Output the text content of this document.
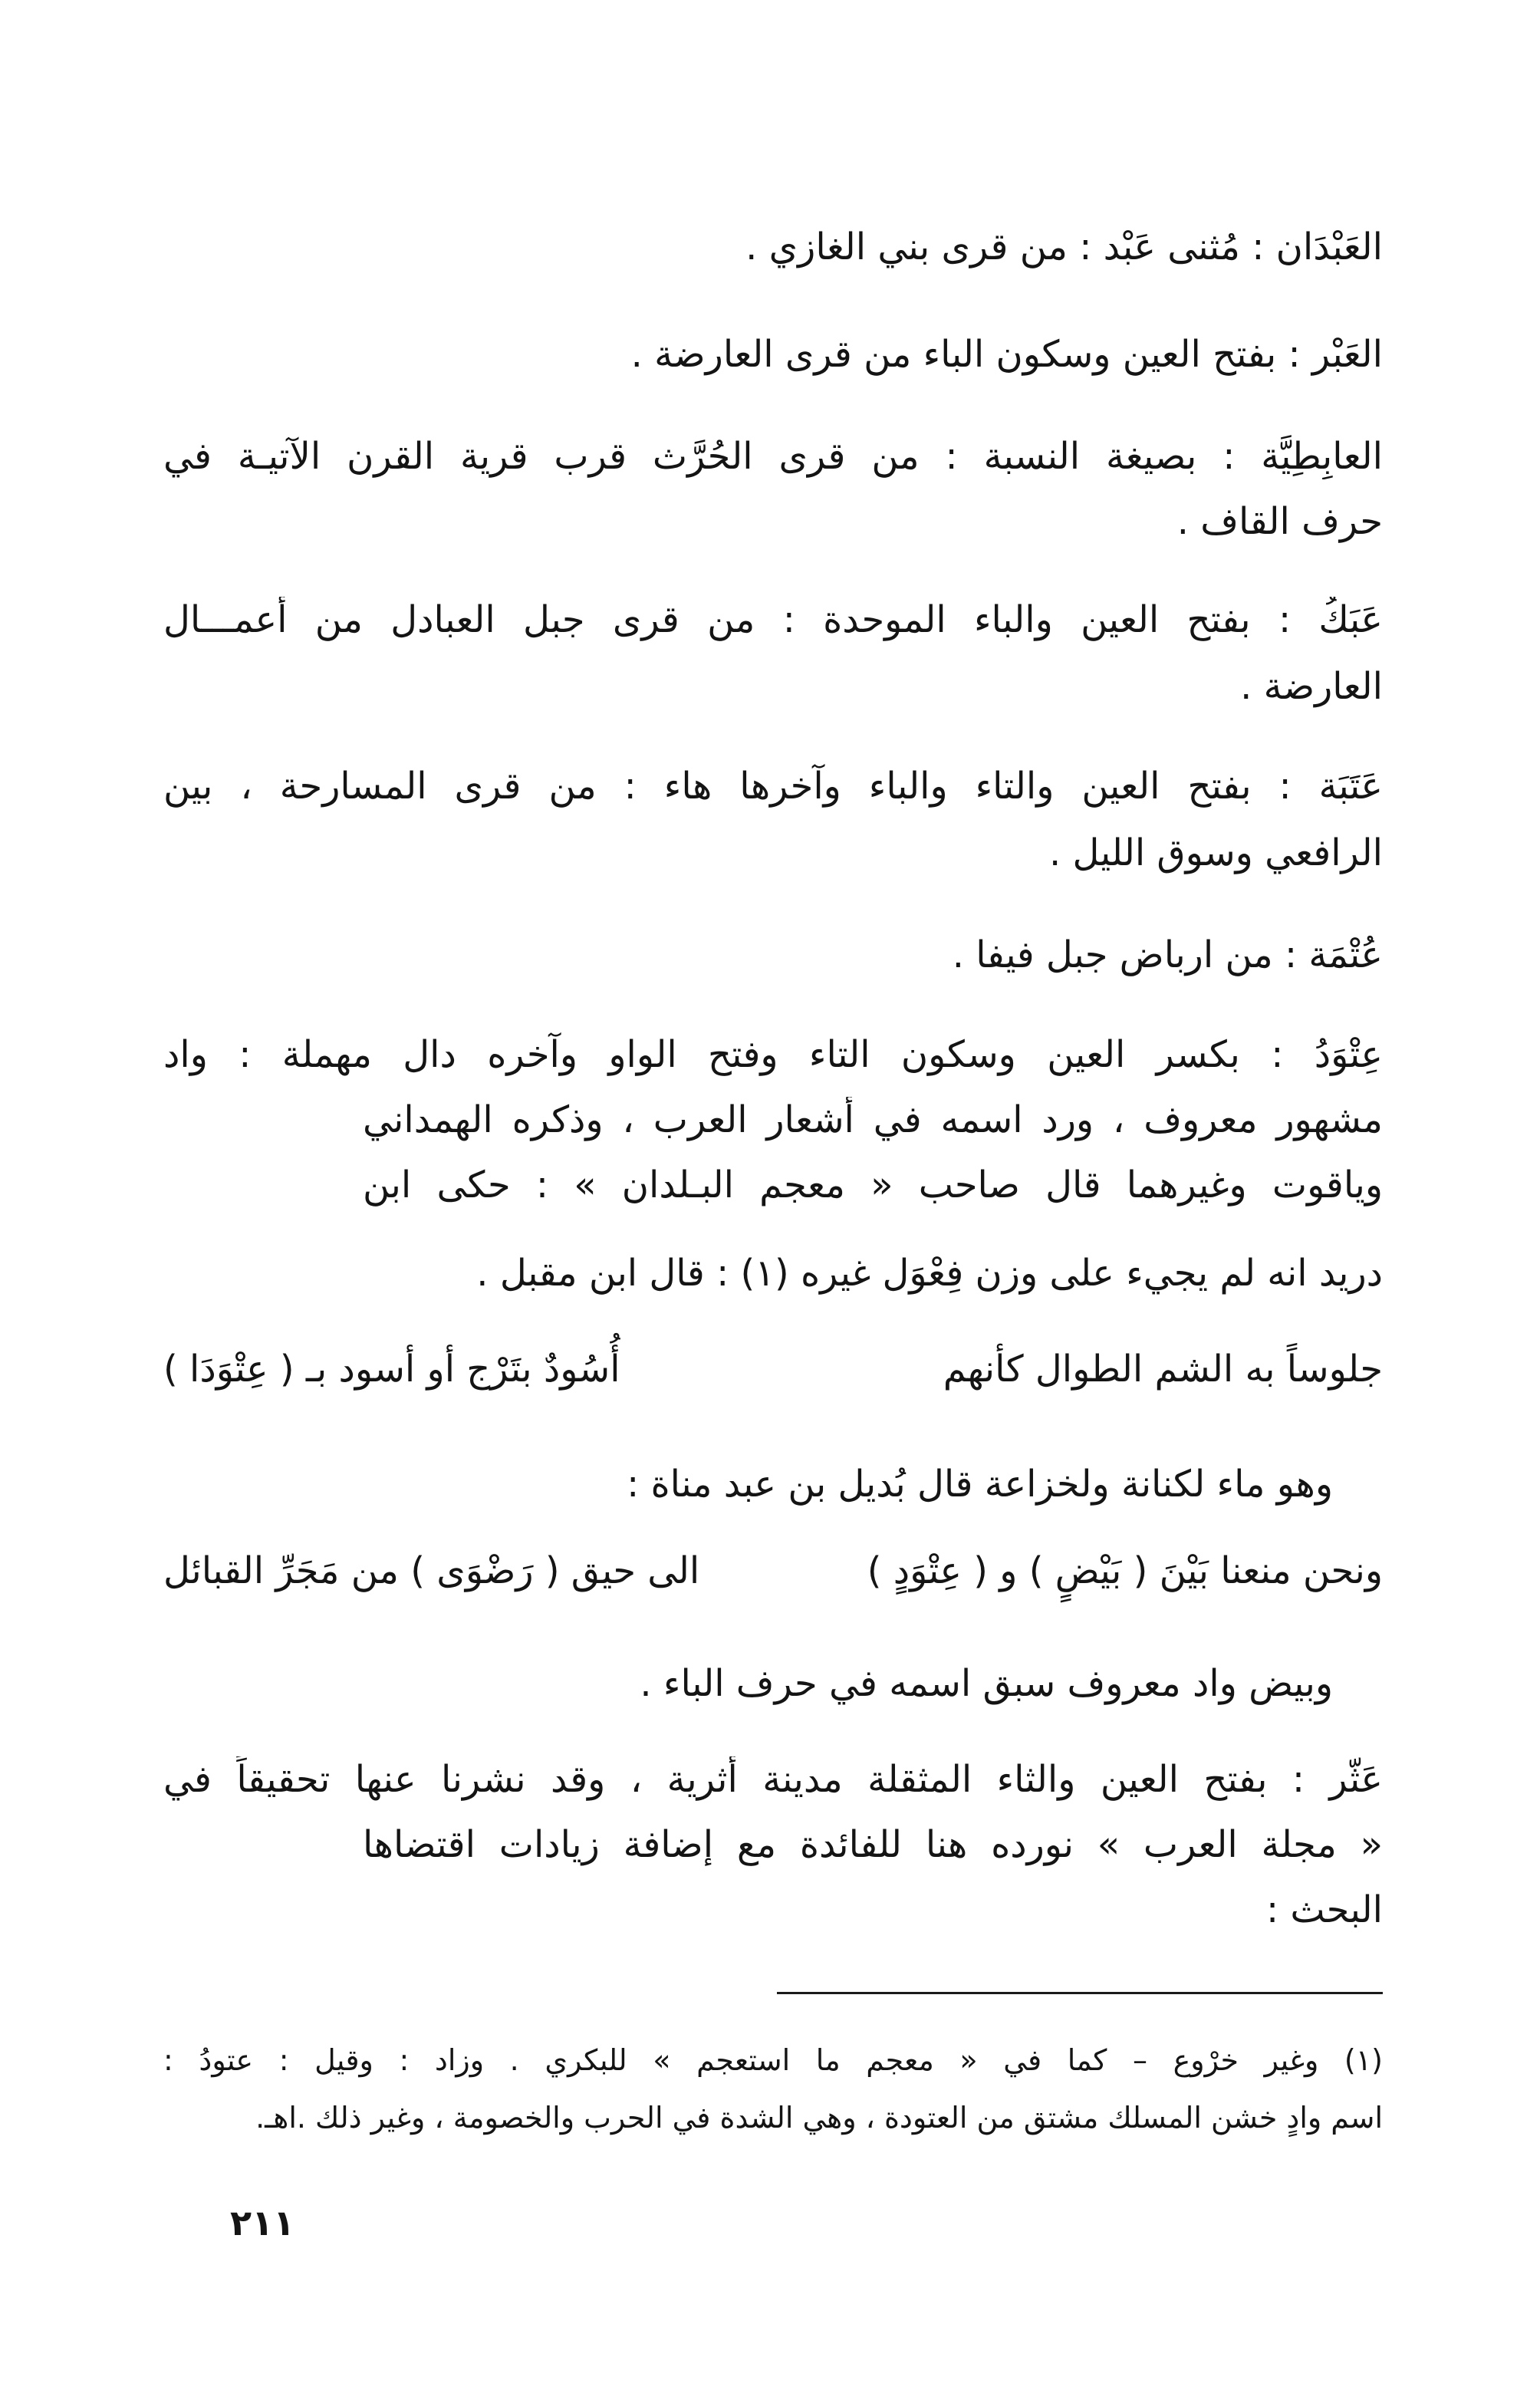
العَبْدَان : مُثنى عَبْد : من قرى بني الغازي .
العَبْر : بفتح العين وسكون الباء من قرى العارضة .
العابِطِيَّة : بصيغة النسبة : من قرى الحُرَّث قرب قرية القرن الآتيـة في
حرف القاف .
عَبَكُ : بفتح العين والباء الموحدة : من قرى جبل العبادل من أعمـــال
العارضة .
عَتَبَة : بفتح العين والتاء والباء وآخرها هاء : من قرى المسارحة ، بين
الرافعي وسوق الليل .
عُتْمَة : من ارباض جبل فيفا .
عِتْوَدُ : بكسر العين وسكون التاء وفتح الواو وآخره دال مهملة : واد
مشهور معروف ، ورد اسمه في أشعار العرب ، وذكره الهمداني
وياقوت وغيرهما قال صاحب « معجم البـلدان » : حكى ابن
دريد انه لم يجيء على وزن فِعْوَل غيره (١) : قال ابن مقبل .
جلوساً به الشم الطوال كأنهم
أُسُودٌ بتَرْج أو أسود بـ ( عِتْوَدَا )
وهو ماء لكنانة ولخزاعة قال بُديل بن عبد مناة :
ونحن منعنا بَيْنَ ( بَيْضٍ ) و ( عِتْوَدٍ )
الى حيق ( رَضْوَى ) من مَجَرِّ القبائل
وبيض واد معروف سبق اسمه في حرف الباء .
عَثّر : بفتح العين والثاء المثقلة مدينة أثرية ، وقد نشرنا عنها تحقيقاً في
« مجلة العرب » نورده هنا للفائدة مع إضافة زيادات اقتضاها
البحث :
(١) وغير خرْوع – كما في « معجم ما استعجم » للبكري . وزاد : وقيل : عتودُ :
اسم وادٍ خشن المسلك مشتق من العتودة ، وهي الشدة في الحرب والخصومة ، وغير ذلك .اهـ.
٢١١
